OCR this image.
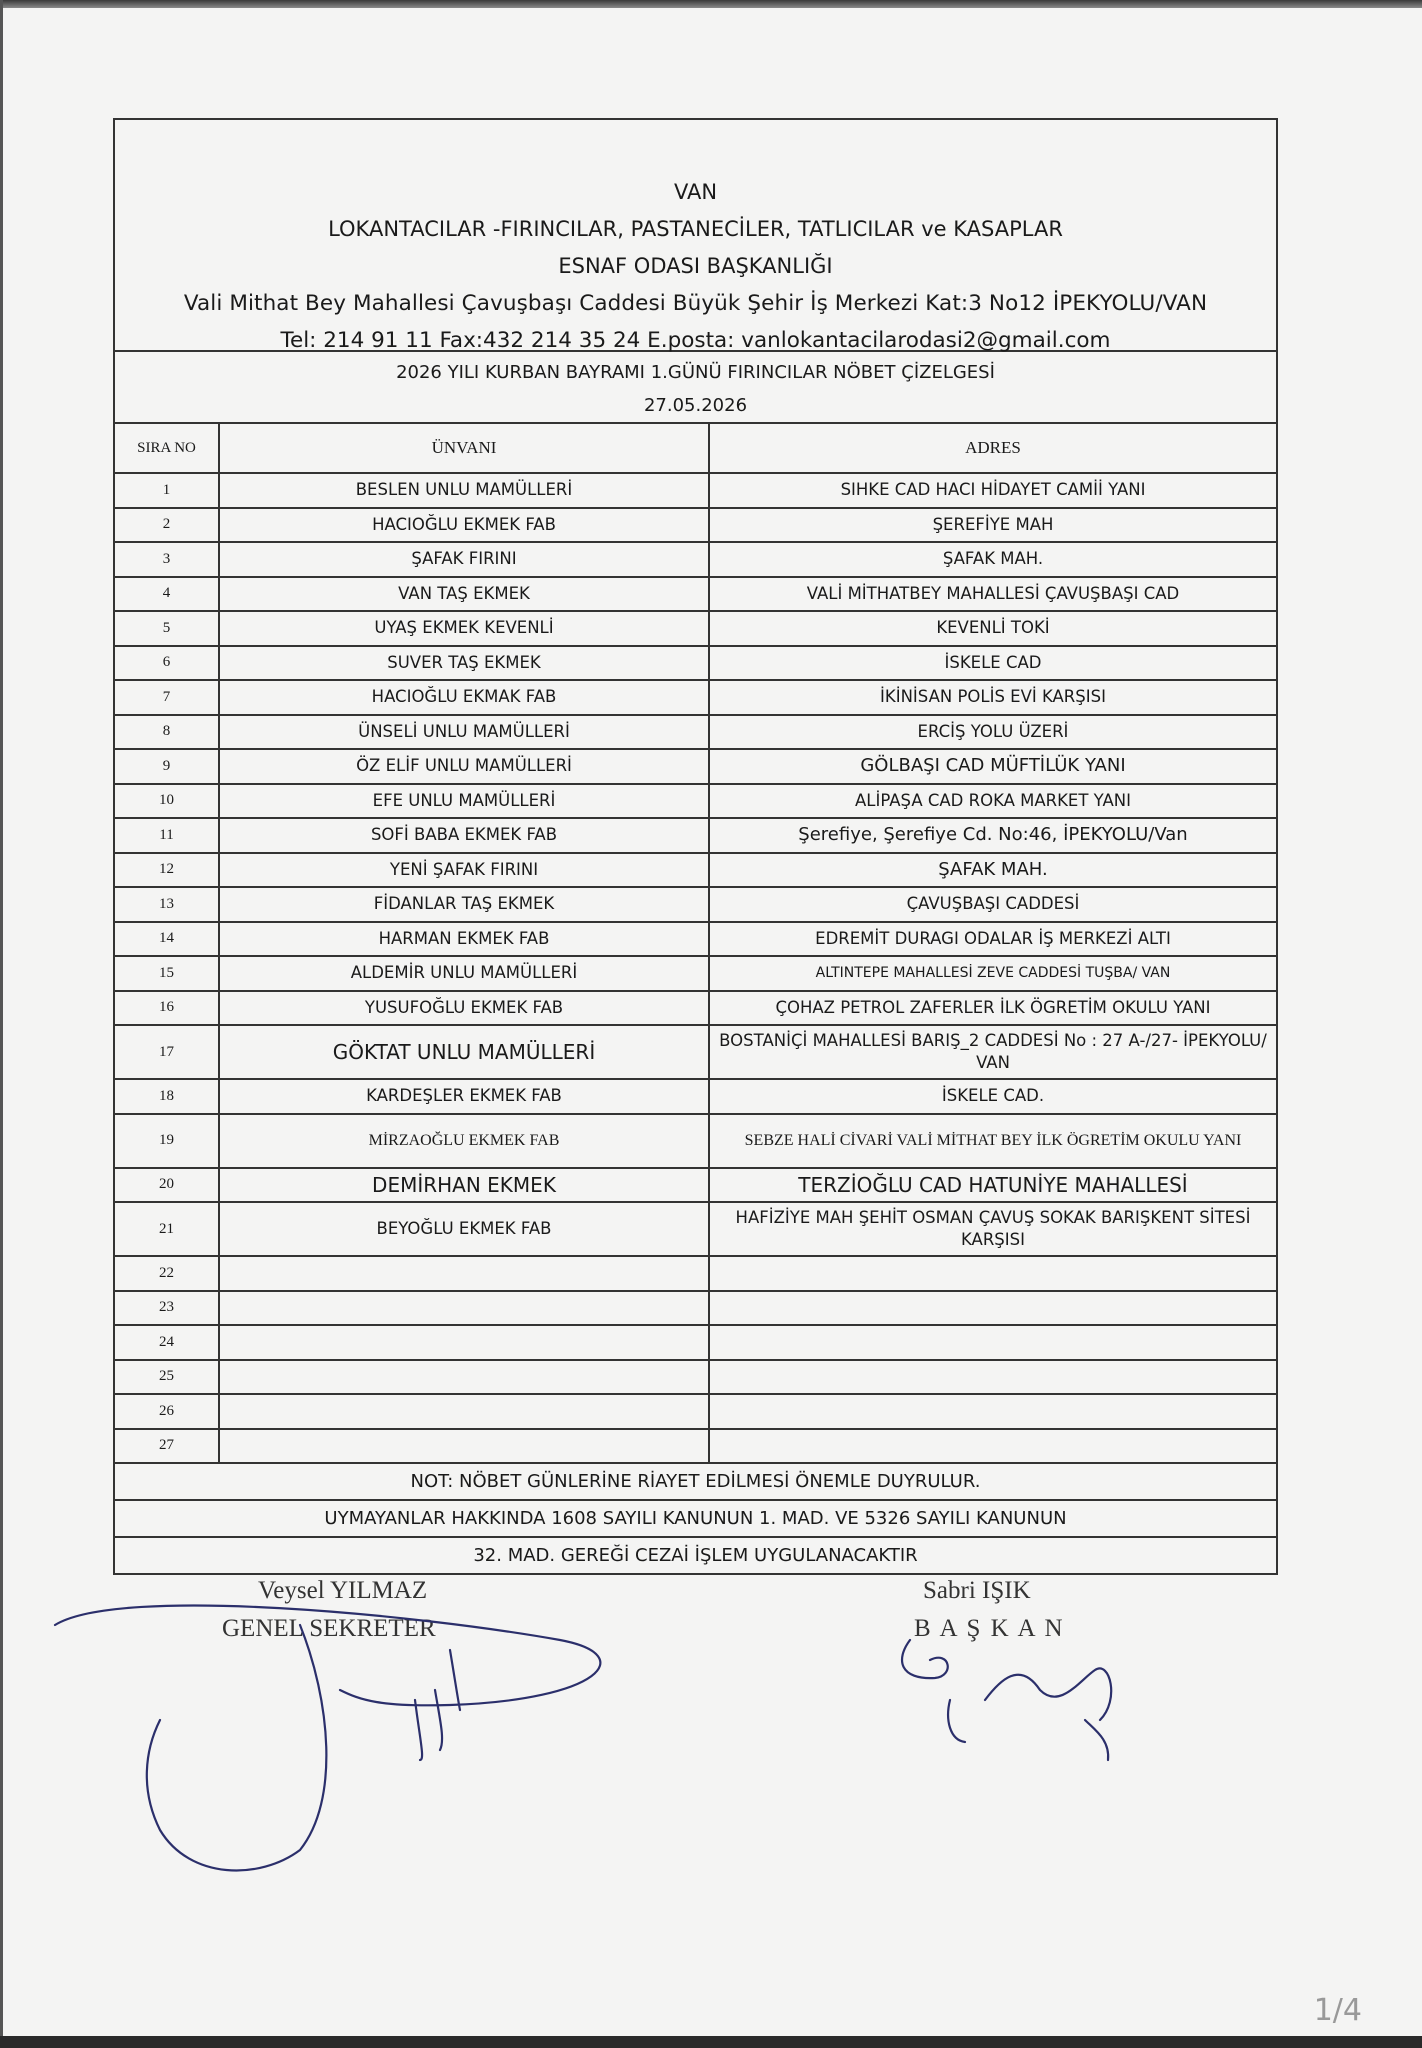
VAN
LOKANTACILAR -FIRINCILAR, PASTANECİLER, TATLICILAR ve KASAPLAR
ESNAF ODASI BAŞKANLIĞI
Vali Mithat Bey Mahallesi Çavuşbaşı Caddesi Büyük Şehir İş Merkezi Kat:3 No12 İPEKYOLU/VAN
Tel: 214 91 11 Fax:432 214 35 24 E.posta: vanlokantacilarodasi2@gmail.com
2026 YILI KURBAN BAYRAMI 1.GÜNÜ FIRINCILAR NÖBET ÇİZELGESİ
27.05.2026
SIRA NO	ÜNVANI	ADRES
1	BESLEN UNLU MAMÜLLERİ	SIHKE CAD HACI HİDAYET CAMİİ YANI
2	HACIOĞLU EKMEK FAB	ŞEREFİYE MAH
3	ŞAFAK FIRINI	ŞAFAK MAH.
4	VAN TAŞ EKMEK	VALİ MİTHATBEY MAHALLESİ ÇAVUŞBAŞI CAD
5	UYAŞ EKMEK KEVENLİ	KEVENLİ TOKİ
6	SUVER TAŞ EKMEK	İSKELE CAD
7	HACIOĞLU EKMAK FAB	İKİNİSAN POLİS EVİ KARŞISI
8	ÜNSELİ UNLU MAMÜLLERİ	ERCİŞ YOLU ÜZERİ
9	ÖZ ELİF UNLU MAMÜLLERİ	GÖLBAŞI CAD MÜFTİLÜK YANI
10	EFE UNLU MAMÜLLERİ	ALİPAŞA CAD ROKA MARKET YANI
11	SOFİ BABA EKMEK FAB	Şerefiye, Şerefiye Cd. No:46, İPEKYOLU/Van
12	YENİ ŞAFAK FIRINI	ŞAFAK MAH.
13	FİDANLAR TAŞ EKMEK	ÇAVUŞBAŞI CADDESİ
14	HARMAN EKMEK FAB	EDREMİT DURAGI ODALAR İŞ MERKEZİ ALTI
15	ALDEMİR UNLU MAMÜLLERİ	ALTINTEPE MAHALLESİ ZEVE CADDESİ TUŞBA/ VAN
16	YUSUFOĞLU EKMEK FAB	ÇOHAZ PETROL ZAFERLER İLK ÖGRETİM OKULU YANI
17	GÖKTAT UNLU MAMÜLLERİ	BOSTANİÇİ MAHALLESİ BARIŞ_2 CADDESİ No : 27 A-/27- İPEKYOLU/ VAN
18	KARDEŞLER EKMEK FAB	İSKELE CAD.
19	MİRZAOĞLU EKMEK FAB	SEBZE HALİ CİVARİ VALİ MİTHAT BEY İLK ÖGRETİM OKULU YANI
20	DEMİRHAN EKMEK	TERZİOĞLU CAD HATUNİYE MAHALLESİ
21	BEYOĞLU EKMEK FAB	HAFİZİYE MAH ŞEHİT OSMAN ÇAVUŞ SOKAK BARIŞKENT SİTESİ KARŞISI
22		
23		
24		
25		
26		
27		
NOT: NÖBET GÜNLERİNE RİAYET EDİLMESİ ÖNEMLE DUYRULUR.
UYMAYANLAR HAKKINDA 1608 SAYILI KANUNUN 1. MAD. VE 5326 SAYILI KANUNUN
32. MAD. GEREĞİ CEZAİ İŞLEM UYGULANACAKTIR
Veysel YILMAZ
GENEL SEKRETER
Sabri IŞIK
B A Ş K A N
1/4
